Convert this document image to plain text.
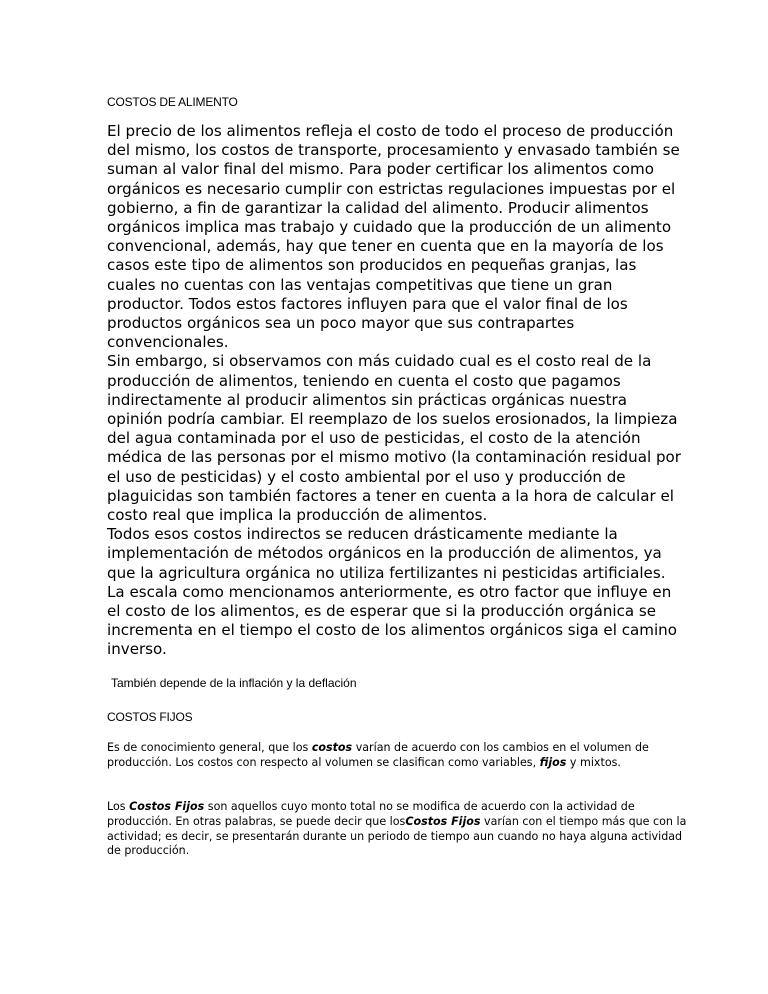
COSTOS DE ALIMENTO

El precio de los alimentos refleja el costo de todo el proceso de producción del mismo, los costos de transporte, procesamiento y envasado también se suman al valor final del mismo. Para poder certificar los alimentos como orgánicos es necesario cumplir con estrictas regulaciones impuestas por el gobierno, a fin de garantizar la calidad del alimento. Producir alimentos orgánicos implica mas trabajo y cuidado que la producción de un alimento convencional, además, hay que tener en cuenta que en la mayoría de los casos este tipo de alimentos son producidos en pequeñas granjas, las cuales no cuentas con las ventajas competitivas que tiene un gran productor. Todos estos factores influyen para que el valor final de los productos orgánicos sea un poco mayor que sus contrapartes convencionales.

Sin embargo, si observamos con más cuidado cual es el costo real de la producción de alimentos, teniendo en cuenta el costo que pagamos indirectamente al producir alimentos sin prácticas orgánicas nuestra opinión podría cambiar. El reemplazo de los suelos erosionados, la limpieza del agua contaminada por el uso de pesticidas, el costo de la atención médica de las personas por el mismo motivo (la contaminación residual por el uso de pesticidas) y el costo ambiental por el uso y producción de plaguicidas son también factores a tener en cuenta a la hora de calcular el costo real que implica la producción de alimentos.

Todos esos costos indirectos se reducen drásticamente mediante la implementación de métodos orgánicos en la producción de alimentos, ya que la agricultura orgánica no utiliza fertilizantes ni pesticidas artificiales.

La escala como mencionamos anteriormente, es otro factor que influye en el costo de los alimentos, es de esperar que si la producción orgánica se incrementa en el tiempo el costo de los alimentos orgánicos siga el camino inverso.

También depende de la inflación y la deflación
COSTOS FIJOS

Es de conocimiento general, que los costos varían de acuerdo con los cambios en el volumen de producción. Los costos con respecto al volumen se clasifican como variables, fijos y mixtos.

Los Costos Fijos son aquellos cuyo monto total no se modifica de acuerdo con la actividad de producción. En otras palabras, se puede decir que losCostos Fijos varían con el tiempo más que con la actividad; es decir, se presentarán durante un periodo de tiempo aun cuando no haya alguna actividad de producción.
